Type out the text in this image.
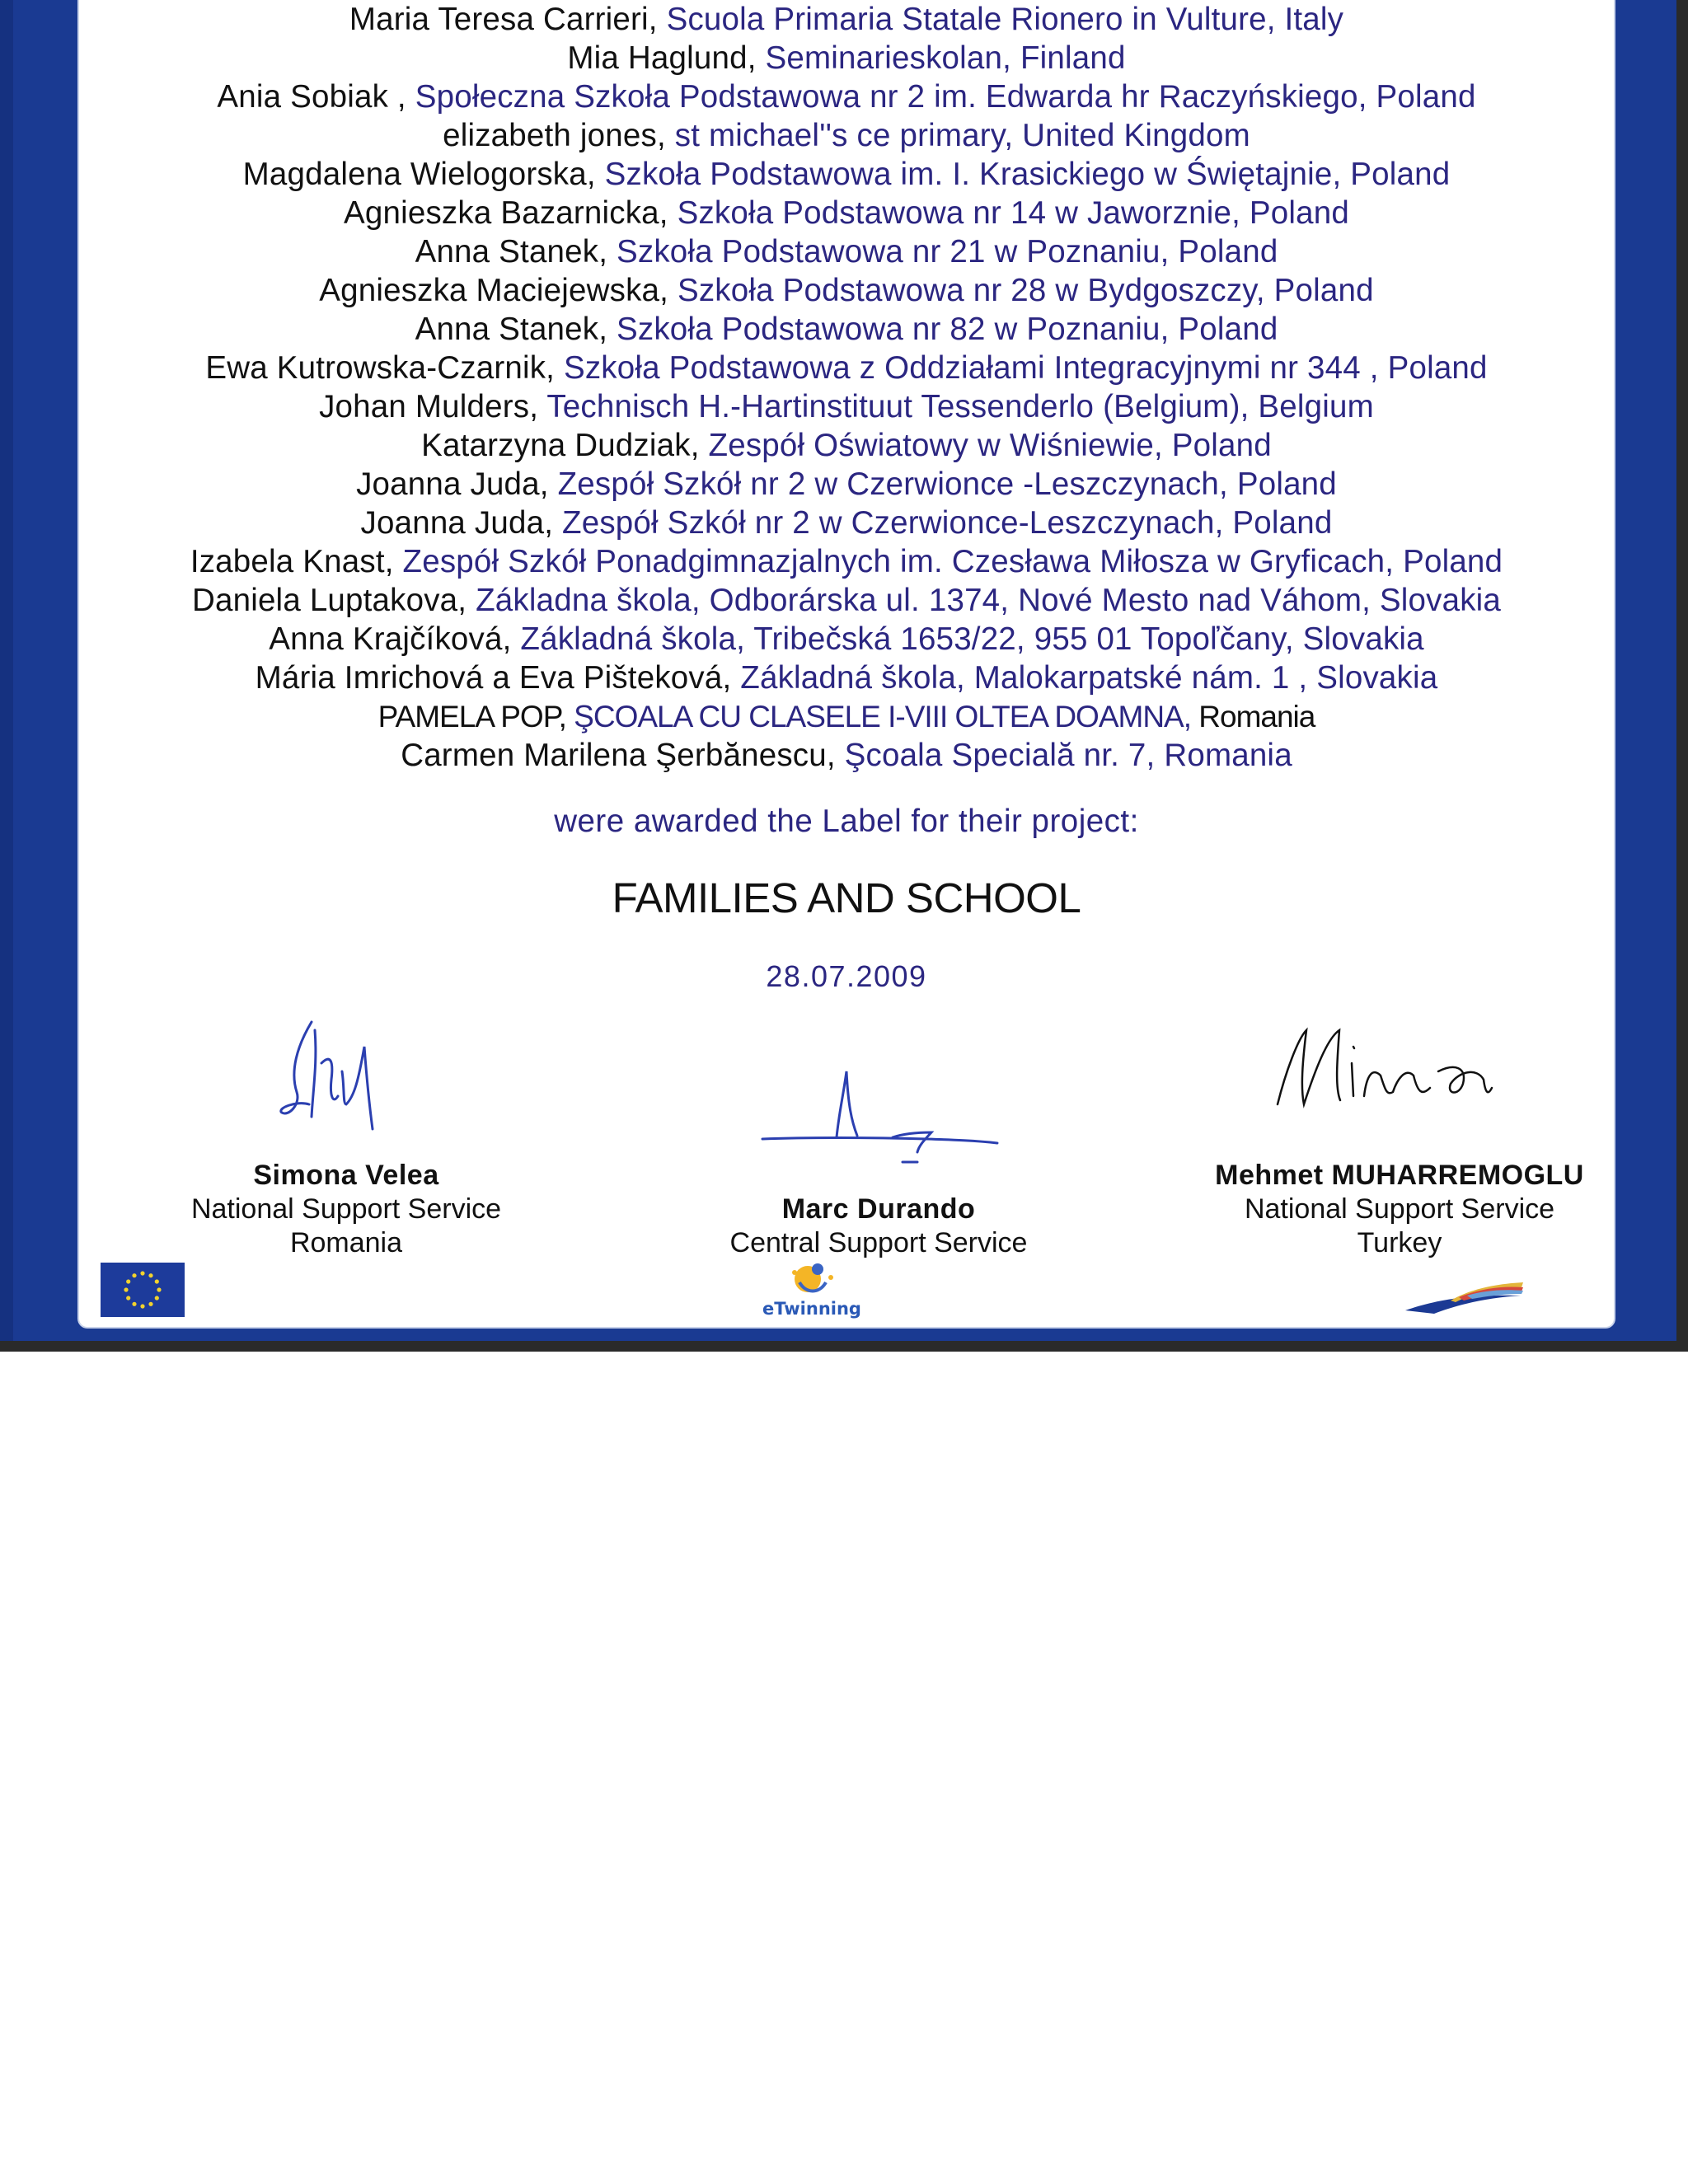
Maria Teresa Carrieri, Scuola Primaria Statale Rionero in Vulture, Italy
Mia Haglund, Seminarieskolan, Finland
Ania Sobiak , Społeczna Szkoła Podstawowa nr 2 im. Edwarda hr Raczyńskiego, Poland
elizabeth jones, st michael''s ce primary, United Kingdom
Magdalena Wielogorska, Szkoła Podstawowa im. I. Krasickiego w Świętajnie, Poland
Agnieszka Bazarnicka, Szkoła Podstawowa nr 14 w Jaworznie, Poland
Anna Stanek, Szkoła Podstawowa nr 21 w Poznaniu, Poland
Agnieszka Maciejewska, Szkoła Podstawowa nr 28 w Bydgoszczy, Poland
Anna Stanek, Szkoła Podstawowa nr 82 w Poznaniu, Poland
Ewa Kutrowska-Czarnik, Szkoła Podstawowa z Oddziałami Integracyjnymi nr 344 , Poland
Johan Mulders, Technisch H.-Hartinstituut Tessenderlo (Belgium), Belgium
Katarzyna Dudziak, Zespół Oświatowy w Wiśniewie, Poland
Joanna Juda, Zespół Szkół nr 2 w Czerwionce -Leszczynach, Poland
Joanna Juda, Zespół Szkół nr 2 w Czerwionce-Leszczynach, Poland
Izabela Knast, Zespół Szkół Ponadgimnazjalnych im. Czesława Miłosza w Gryficach, Poland
Daniela Luptakova, Základna škola, Odborárska ul. 1374, Nové Mesto nad Váhom, Slovakia
Anna Krajčíková, Základná škola, Tribečská 1653/22, 955 01 Topoľčany, Slovakia
Mária Imrichová a Eva Pišteková, Základná škola, Malokarpatské nám. 1 , Slovakia
PAMELA POP, ŞCOALA CU CLASELE I-VIII OLTEA DOAMNA, Romania
Carmen Marilena Şerbănescu, Şcoala Specială nr. 7, Romania
were awarded the Label for their project:
FAMILIES AND SCHOOL
28.07.2009
Simona Velea
National Support Service
Romania
Marc Durando
Central Support Service
Mehmet MUHARREMOGLU
National Support Service
Turkey
eTwinning
